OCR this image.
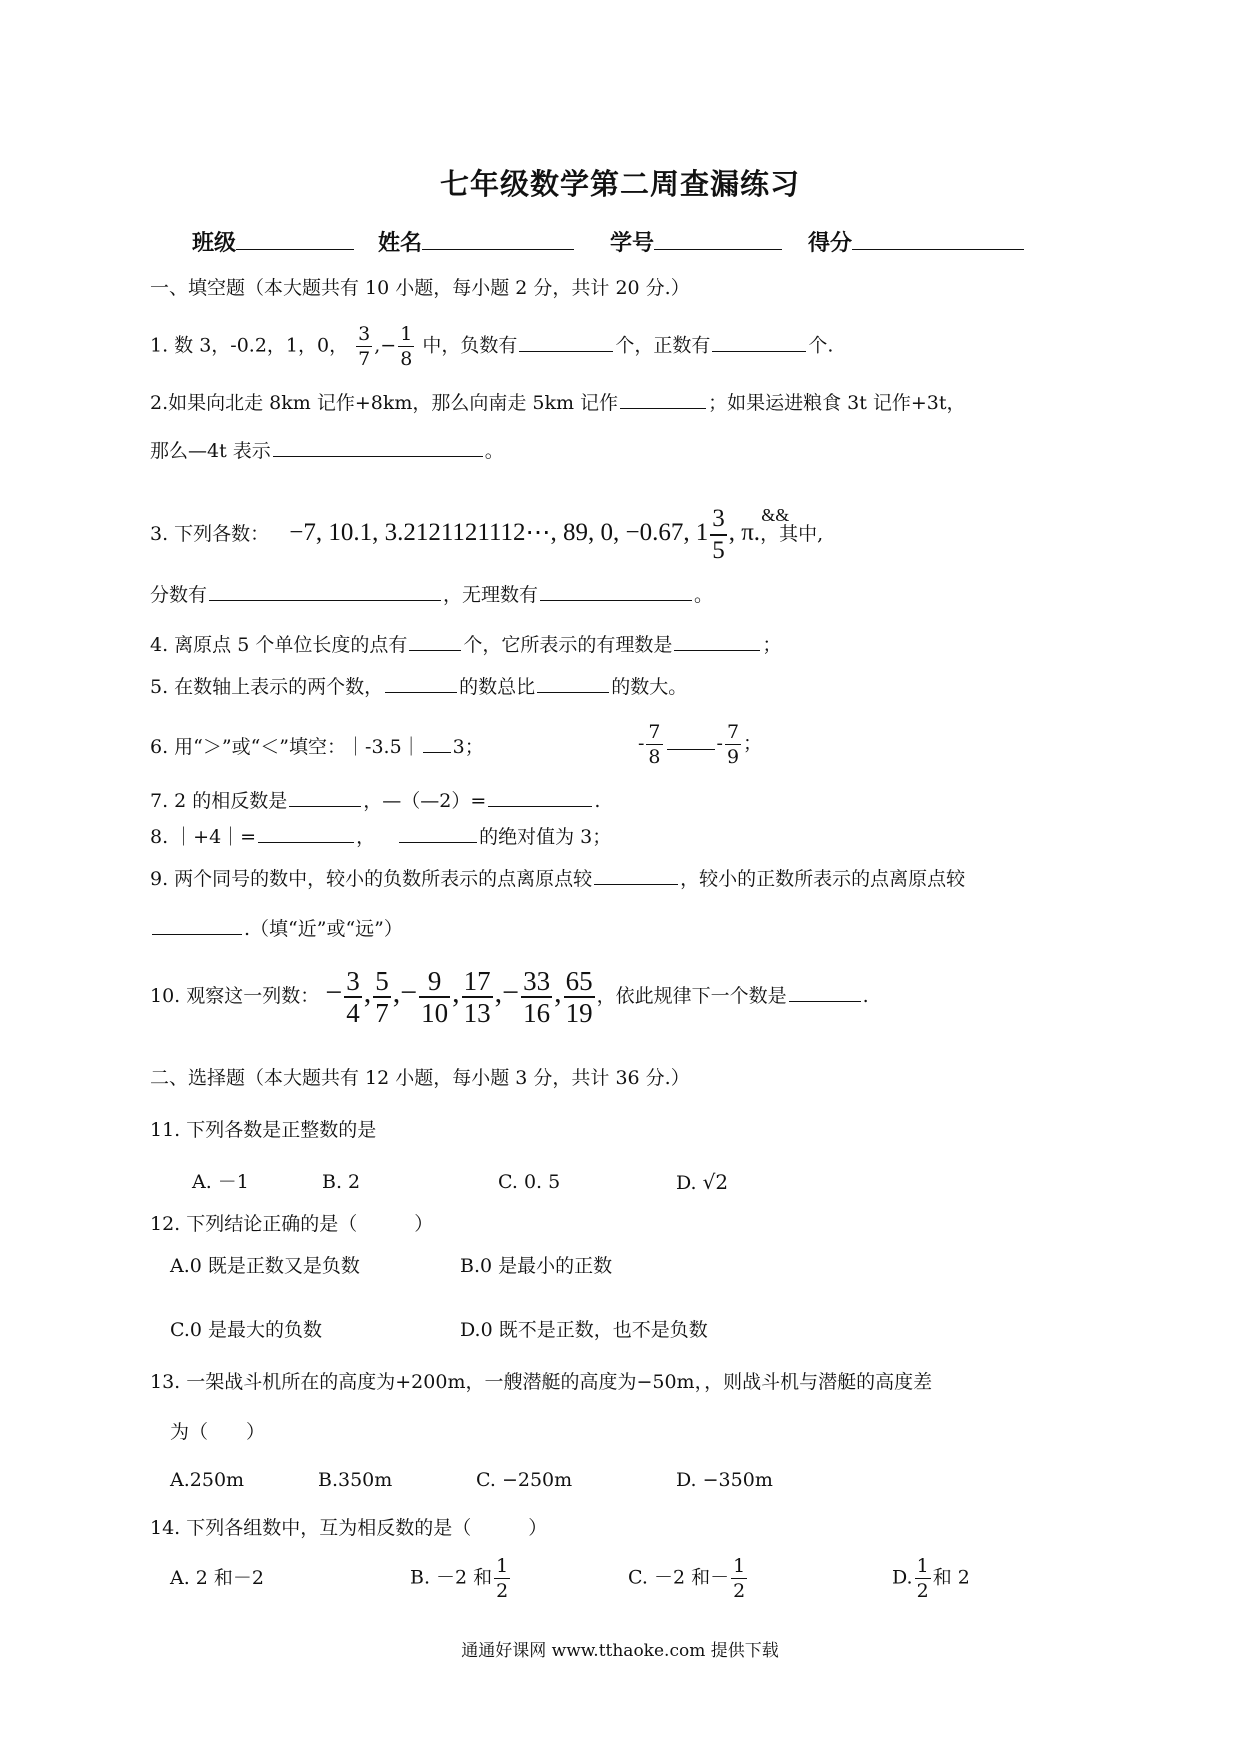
七年级数学第二周查漏练习
班级	姓名	学号	得分
一、填空题（本大题共有 10 小题，每小题 2 分，共计 20 分.）
1. 数 3，-0.2，1，0， $\frac{3}{7}$ ,− $\frac{1}{8}$ 中，负数有	个，正数有	个.
2.如果向北走 8km 记作+8km，那么向南走 5km 记作	；如果运进粮食 3t 记作+3t，
那么—4t 表示	。
3. 下列各数： −7, 10.1, 3.2121121112⋯, 89, 0, −0.67,
&&
$1 \frac{3}{5}$ , π.，其中,
分数有	，无理数有	。
4. 离原点 5 个单位长度的点有	个，它所表示的有理数是	；
5. 在数轴上表示的两个数，	的数总比	的数大。
6. 用“＞”或“＜”填空：｜-3.5｜ 3；	- $\frac{7}{8}$	- $\frac{7}{9}$ ；
7. 2 的相反数是	，—（—2）=	.
8. ｜+4｜=	，	的绝对值为 3；
9. 两个同号的数中，较小的负数所表示的点离原点较	，较小的正数所表示的点离原点较
.（填“近”或“远”）
10. 观察这一列数： − $\frac{3}{4}$ , $\frac{5}{7}$ ,− $\frac{9}{10}$ , $\frac{17}{13}$ ,− $\frac{33}{16}$ , $\frac{65}{19}$ ，依此规律下一个数是	.
二、选择题（本大题共有 12 小题，每小题 3 分，共计 36 分.）
11. 下列各数是正整数的是
A. －1	B. 2	C. 0. 5	D. √2
12. 下列结论正确的是（　　　）
A.0 既是正数又是负数	B.0 是最小的正数
C.0 是最大的负数	D.0 既不是正数，也不是负数
13. 一架战斗机所在的高度为+200m，一艘潜艇的高度为−50m，，则战斗机与潜艇的高度差
为（　　）
A.250m	B.350m	C. −250m	D. −350m
14. 下列各组数中，互为相反数的是（　　　）
A. 2 和－2	B. －2 和 $\frac{1}{2}$	C. －2 和－ $\frac{1}{2}$	D. $\frac{1}{2}$ 和 2
通通好课网 www.tthaoke.com 提供下载
